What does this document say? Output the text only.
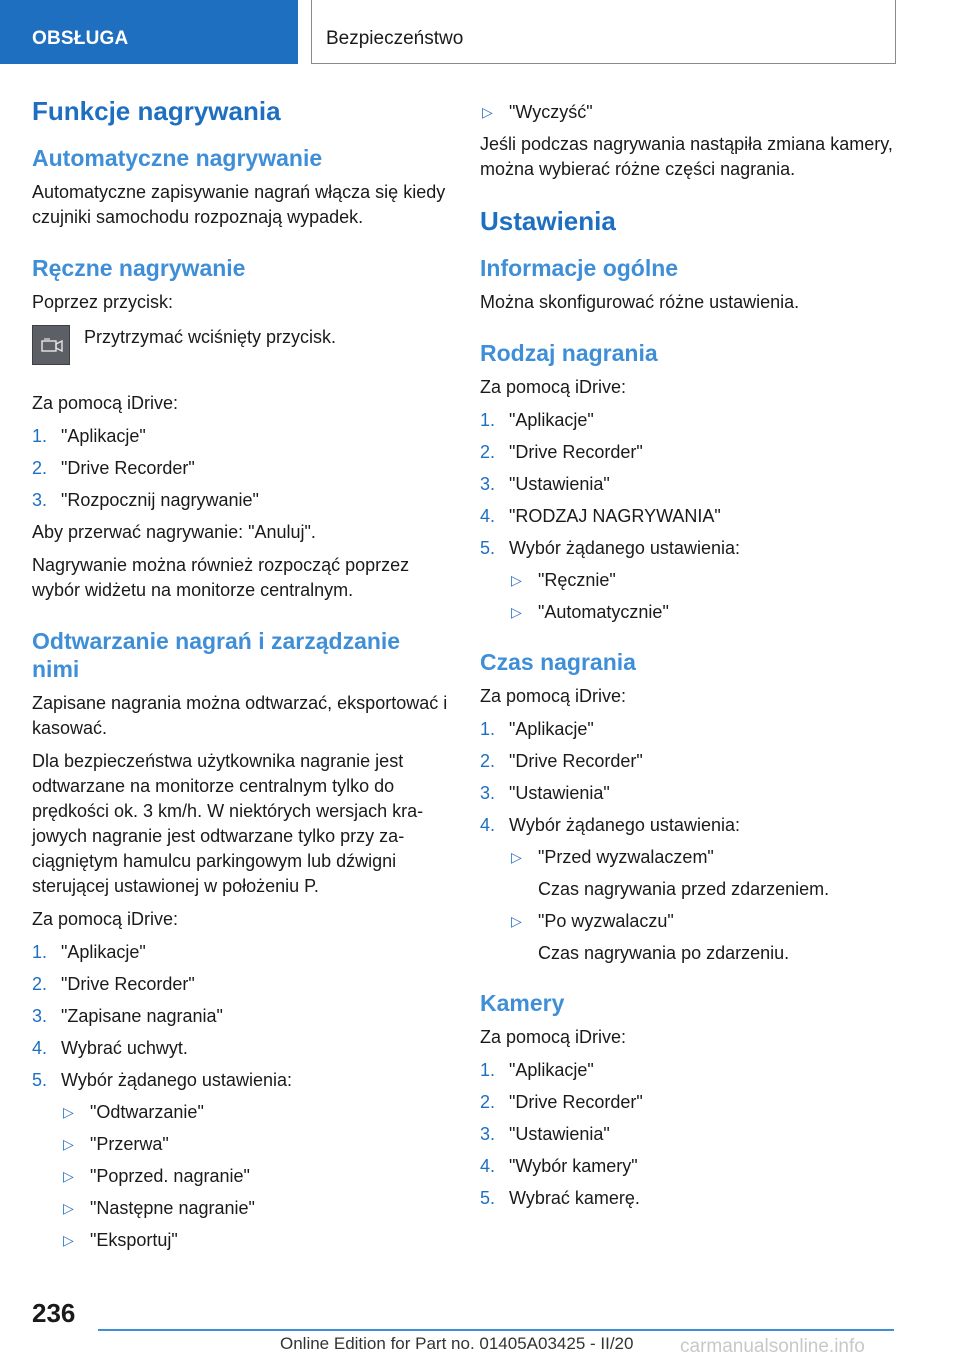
OBSŁUGA	Bezpieczeństwo
Funkcje nagrywania
Automatyczne nagrywanie

Automatyczne zapisywanie nagrań włącza się kiedy czujniki samochodu rozpoznają wypadek.

Ręczne nagrywanie

Poprzez przycisk:

Przytrzymać wciśnięty przycisk.

Za pomocą iDrive:

1. "Aplikacje"
2. "Drive Recorder"
3. "Rozpocznij nagrywanie"

Aby przerwać nagrywanie: "Anuluj".

Nagrywanie można również rozpocząć poprzez wybór widżetu na monitorze centralnym.

Odtwarzanie nagrań i zarządzanie nimi

Zapisane nagrania można odtwarzać, eksportować i kasować.

Dla bezpieczeństwa użytkownika nagranie jest odtwarzane na monitorze centralnym tylko do prędkości ok. 3 km/h. W niektórych wersjach krajowych nagranie jest odtwarzane tylko przy zaciągniętym hamulcu parkingowym lub dźwigni sterującej ustawionej w położeniu P.

Za pomocą iDrive:

1. "Aplikacje"
2. "Drive Recorder"
3. "Zapisane nagrania"
4. Wybrać uchwyt.
5. Wybór żądanego ustawienia:
▷ "Odtwarzanie"
▷ "Przerwa"
▷ "Poprzed. nagranie"
▷ "Następne nagranie"
▷ "Eksportuj"
▷ "Wyczyść"

Jeśli podczas nagrywania nastąpiła zmiana kamery, można wybierać różne części nagrania.

Ustawienia
Informacje ogólne

Można skonfigurować różne ustawienia.

Rodzaj nagrania

Za pomocą iDrive:

1. "Aplikacje"
2. "Drive Recorder"
3. "Ustawienia"
4. "RODZAJ NAGRYWANIA"
5. Wybór żądanego ustawienia:
▷ "Ręcznie"
▷ "Automatycznie"
Czas nagrania

Za pomocą iDrive:

1. "Aplikacje"
2. "Drive Recorder"
3. "Ustawienia"
4. Wybór żądanego ustawienia:
▷ "Przed wyzwalaczem"
Czas nagrywania przed zdarzeniem.
▷ "Po wyzwalaczu"
Czas nagrywania po zdarzeniu.
Kamery

Za pomocą iDrive:

1. "Aplikacje"
2. "Drive Recorder"
3. "Ustawienia"
4. "Wybór kamery"
5. Wybrać kamerę.
236
Online Edition for Part no. 01405A03425 - II/20 carmanualsonline.info
